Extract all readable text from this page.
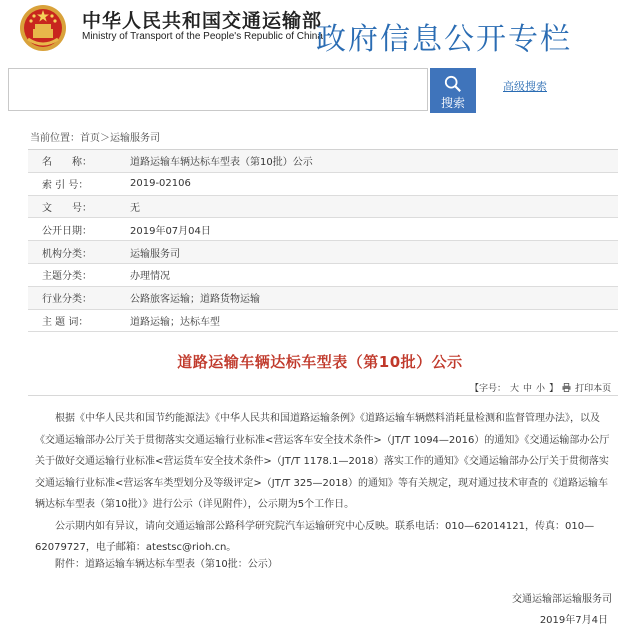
中华人民共和国交通运输部
Ministry of Transport of the People's Republic of China
政府信息公开专栏
搜索
高级搜索
当前位置：首页＞运输服务司
名　　称：	道路运输车辆达标车型表（第10批）公示
索 引 号：	2019-02106
文　　号：	无
公开日期：	2019年07月04日
机构分类：	运输服务司
主题分类：	办理情况
行业分类：	公路旅客运输；道路货物运输
主 题 词：	道路运输；达标车型
道路运输车辆达标车型表（第10批）公示
【字号： 大 中 小 】 打印本页

根据《中华人民共和国节约能源法》《中华人民共和国道路运输条例》《道路运输车辆燃料消耗量检测和监督管理办法》，以及《交通运输部办公厅关于贯彻落实交通运输行业标准<营运客车安全技术条件>（JT/T 1094—2016）的通知》《交通运输部办公厅关于做好交通运输行业标准<营运货车安全技术条件>（JT/T 1178.1—2018）落实工作的通知》《交通运输部办公厅关于贯彻落实交通运输行业标准<营运客车类型划分及等级评定>（JT/T 325—2018）的通知》等有关规定，现对通过技术审查的《道路运输车辆达标车型表（第10批）》进行公示（详见附件），公示期为5个工作日。

公示期内如有异议，请向交通运输部公路科学研究院汽车运输研究中心反映。联系电话：010—62014121，传真：010—62079727，电子邮箱：atestsc@rioh.cn。

附件：道路运输车辆达标车型表（第10批：公示）
交通运输部运输服务司
2019年7月4日
